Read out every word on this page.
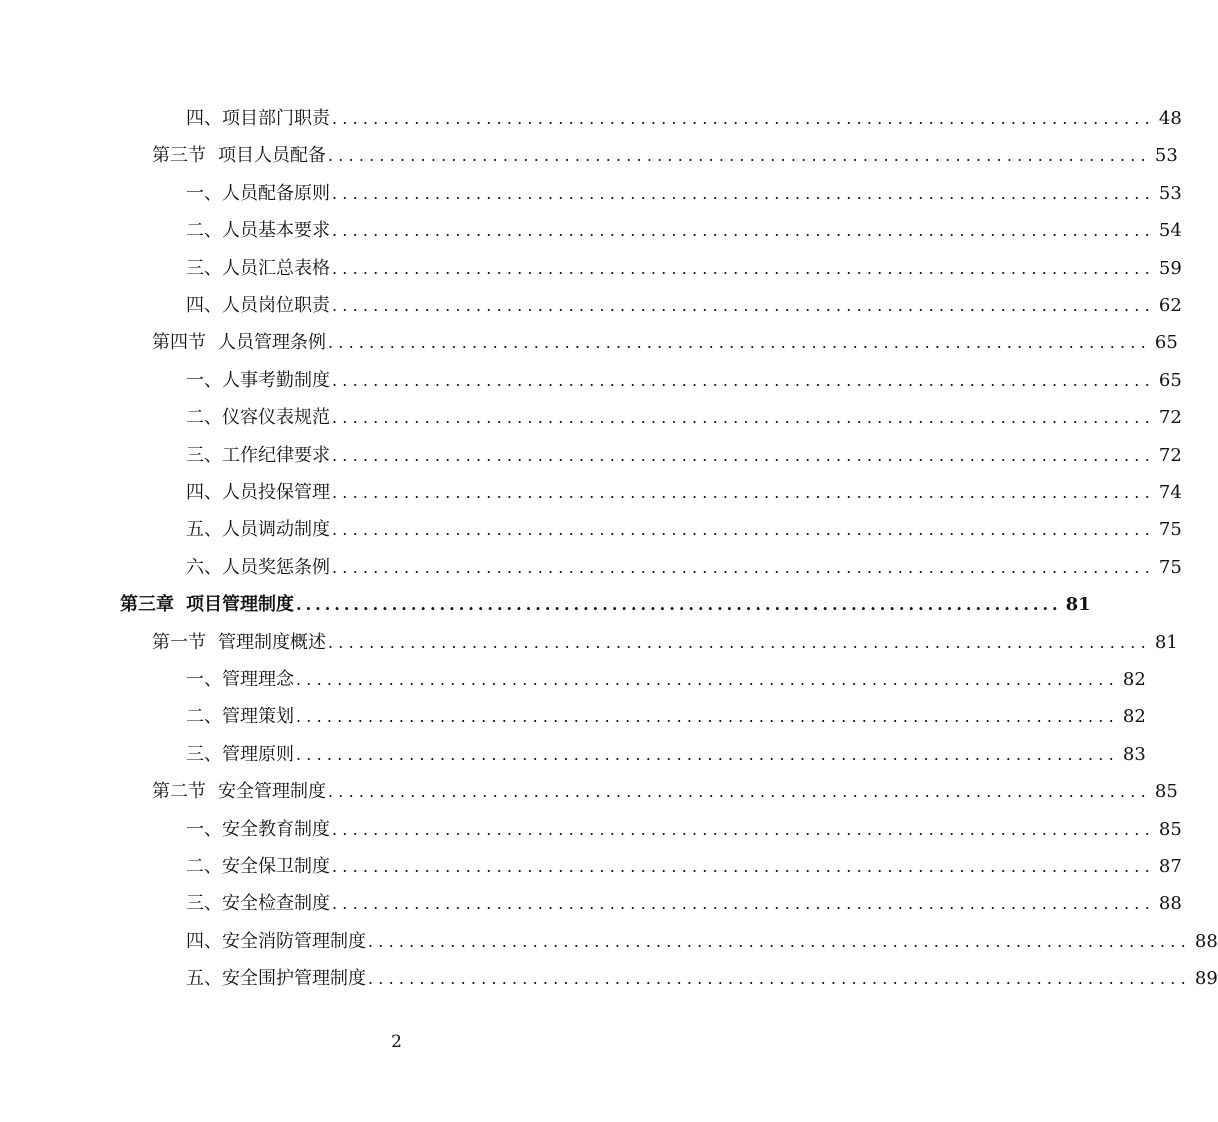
四、项目部门职责 ................................................................................ 48
第三节 项目人员配备 ................................................................................ 53
一、人员配备原则 ................................................................................ 53
二、人员基本要求 ................................................................................ 54
三、人员汇总表格 ................................................................................ 59
四、人员岗位职责 ................................................................................ 62
第四节 人员管理条例 ................................................................................ 65
一、人事考勤制度 ................................................................................ 65
二、仪容仪表规范 ................................................................................ 72
三、工作纪律要求 ................................................................................ 72
四、人员投保管理 ................................................................................ 74
五、人员调动制度 ................................................................................ 75
六、人员奖惩条例 ................................................................................ 75
第三章 项目管理制度 ................................................................................ 81
第一节 管理制度概述 ................................................................................ 81
一、管理理念 ................................................................................ 82
二、管理策划 ................................................................................ 82
三、管理原则 ................................................................................ 83
第二节 安全管理制度 ................................................................................ 85
一、安全教育制度 ................................................................................ 85
二、安全保卫制度 ................................................................................ 87
三、安全检查制度 ................................................................................ 88
四、安全消防管理制度 ................................................................................ 88
五、安全围护管理制度 ................................................................................ 89
2
